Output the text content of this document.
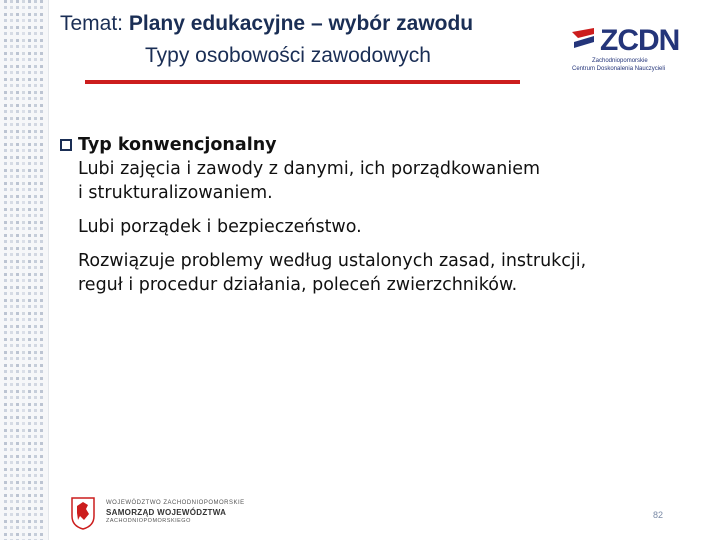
Temat: Plany edukacyjne – wybór zawodu
Typy osobowości zawodowych	ZCDN
Zachodniopomorskie
Centrum Doskonalenia Nauczycieli
Typ konwencjonalny
Lubi zajęcia i zawody z danymi, ich porządkowaniem
i strukturalizowaniem.
Lubi porządek i bezpieczeństwo.
Rozwiązuje problemy według ustalonych zasad, instrukcji,
reguł i procedur działania, poleceń zwierzchników.
WOJEWÓDZTWO ZACHODNIOPOMORSKIE
SAMORZĄD WOJEWÓDZTWA
ZACHODNIOPOMORSKIEGO
82
